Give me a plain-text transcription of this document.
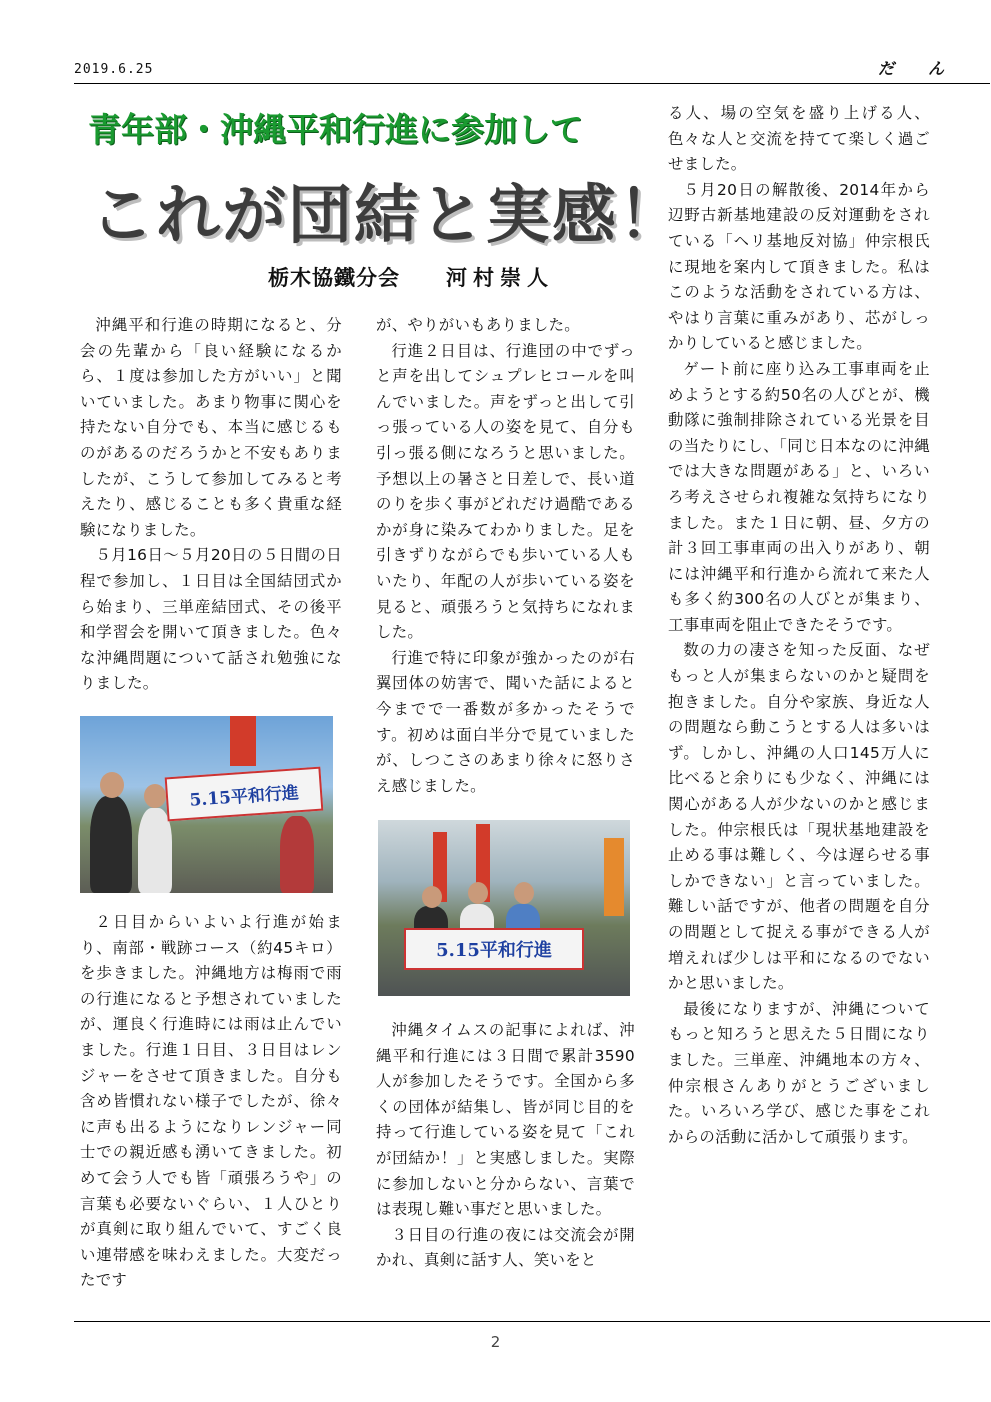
2019.6.25	だん
青年部・沖縄平和行進に参加して
これが団結と実感！
栃木協鐵分会 河村崇人

沖縄平和行進の時期になると、分会の先輩から「良い経験になるから、１度は参加した方がいい」と聞いていました。あまり物事に関心を持たない自分でも、本当に感じるものがあるのだろうかと不安もありましたが、こうして参加してみると考えたり、感じることも多く貴重な経験になりました。

５月16日～５月20日の５日間の日程で参加し、１日目は全国結団式から始まり、三単産結団式、その後平和学習会を開いて頂きました。色々な沖縄問題について話され勉強になりました。

5.15平和行進

２日目からいよいよ行進が始まり、南部・戦跡コース（約45キロ）を歩きました。沖縄地方は梅雨で雨の行進になると予想されていましたが、運良く行進時には雨は止んでいました。行進１日目、３日目はレンジャーをさせて頂きました。自分も含め皆慣れない様子でしたが、徐々に声も出るようになりレンジャー同士での親近感も湧いてきました。初めて会う人でも皆「頑張ろうや」の言葉も必要ないぐらい、１人ひとりが真剣に取り組んでいて、すごく良い連帯感を味わえました。大変だったです

が、やりがいもありました。

行進２日目は、行進団の中でずっと声を出してシュプレヒコールを叫んでいました。声をずっと出して引っ張っている人の姿を見て、自分も引っ張る側になろうと思いました。予想以上の暑さと日差しで、長い道のりを歩く事がどれだけ過酷であるかが身に染みてわかりました。足を引きずりながらでも歩いている人もいたり、年配の人が歩いている姿を見ると、頑張ろうと気持ちになれました。

行進で特に印象が強かったのが右翼団体の妨害で、聞いた話によると今までで一番数が多かったそうです。初めは面白半分で見ていましたが、しつこさのあまり徐々に怒りさえ感じました。

5.15平和行進

沖縄タイムスの記事によれば、沖縄平和行進には３日間で累計3590人が参加したそうです。全国から多くの団体が結集し、皆が同じ目的を持って行進している姿を見て「これが団結か！」と実感しました。実際に参加しないと分からない、言葉では表現し難い事だと思いました。

３日目の行進の夜には交流会が開かれ、真剣に話す人、笑いをと

る人、場の空気を盛り上げる人、色々な人と交流を持てて楽しく過ごせました。

５月20日の解散後、2014年から辺野古新基地建設の反対運動をされている「ヘリ基地反対協」仲宗根氏に現地を案内して頂きました。私はこのような活動をされている方は、やはり言葉に重みがあり、芯がしっかりしていると感じました。

ゲート前に座り込み工事車両を止めようとする約50名の人びとが、機動隊に強制排除されている光景を目の当たりにし、「同じ日本なのに沖縄では大きな問題がある」と、いろいろ考えさせられ複雑な気持ちになりました。また１日に朝、昼、夕方の計３回工事車両の出入りがあり、朝には沖縄平和行進から流れて来た人も多く約300名の人びとが集まり、工事車両を阻止できたそうです。

数の力の凄さを知った反面、なぜもっと人が集まらないのかと疑問を抱きました。自分や家族、身近な人の問題なら動こうとする人は多いはず。しかし、沖縄の人口145万人に比べると余りにも少なく、沖縄には関心がある人が少ないのかと感じました。仲宗根氏は「現状基地建設を止める事は難しく、今は遅らせる事しかできない」と言っていました。難しい話ですが、他者の問題を自分の問題として捉える事ができる人が増えれば少しは平和になるのでないかと思いました。

最後になりますが、沖縄についてもっと知ろうと思えた５日間になりました。三単産、沖縄地本の方々、仲宗根さんありがとうございました。いろいろ学び、感じた事をこれからの活動に活かして頑張ります。

2
